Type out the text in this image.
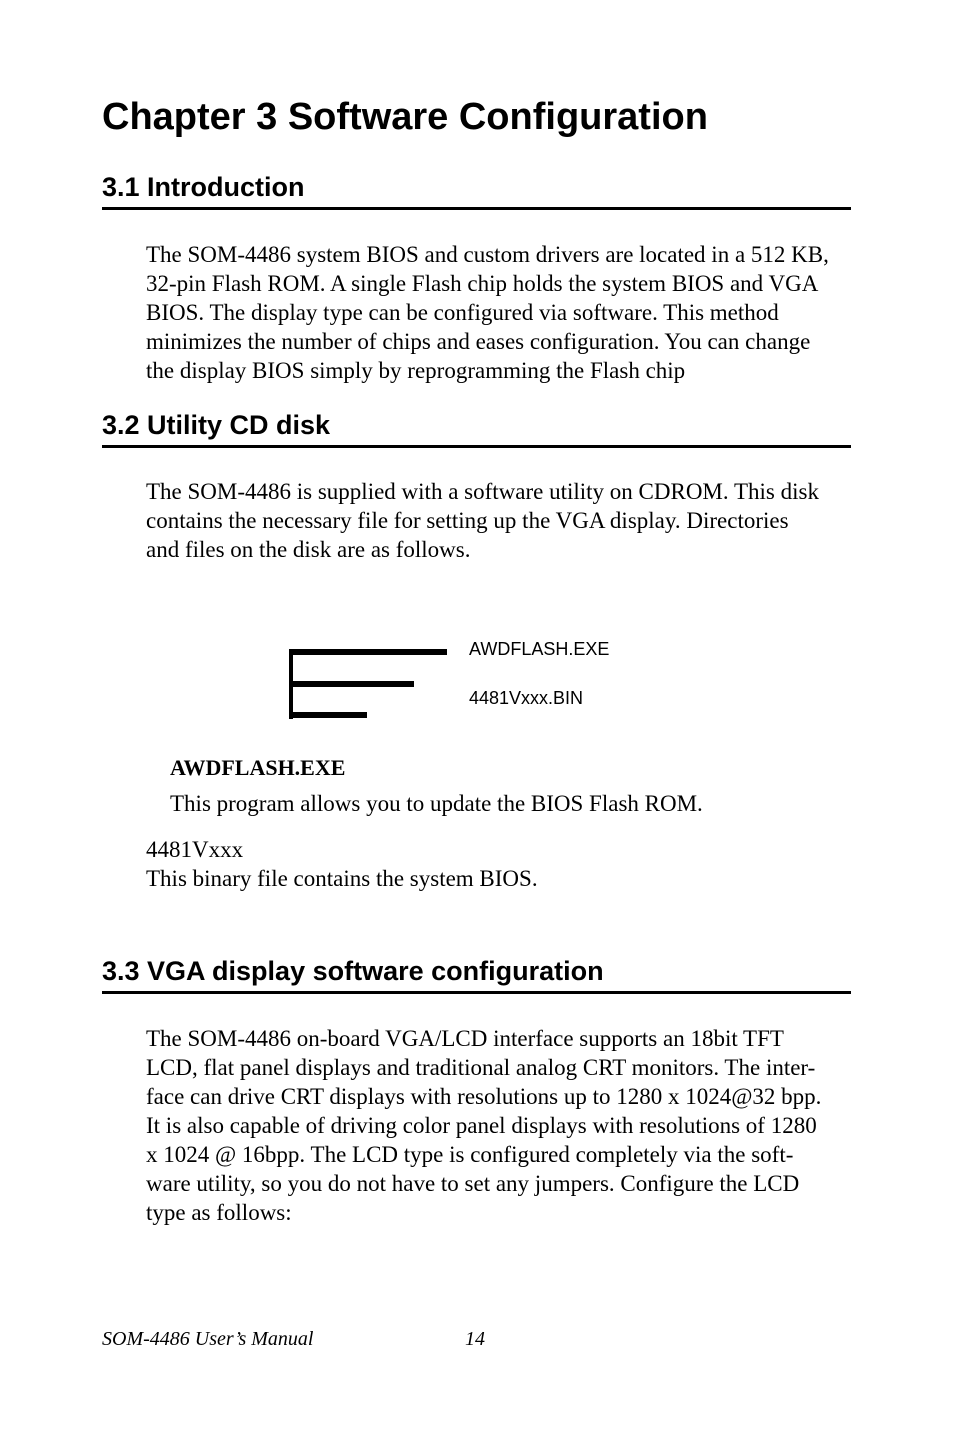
Chapter 3 Software Configuration
3.1 Introduction
The SOM-4486 system BIOS and custom drivers are located in a 512 KB,
32-pin Flash ROM. A single Flash chip holds the system BIOS and VGA
BIOS. The display type can be configured via software. This method
minimizes the number of chips and eases configuration. You can change
the display BIOS simply by reprogramming the Flash chip
3.2 Utility CD disk
The SOM-4486 is supplied with a software utility on CDROM. This disk
contains the necessary file for setting up the VGA display. Directories
and files on the disk are as follows.
AWDFLASH.EXE
4481Vxxx.BIN
AWDFLASH.EXE
This program allows you to update the BIOS Flash ROM.
4481Vxxx
This binary file contains the system BIOS.
3.3 VGA display software configuration
The SOM-4486 on-board VGA/LCD interface supports an 18bit TFT
LCD, flat panel displays and traditional analog CRT monitors. The inter-
face can drive CRT displays with resolutions up to 1280 x 1024@32 bpp.
It is also capable of driving color panel displays with resolutions of 1280
x 1024 @ 16bpp. The LCD type is configured completely via the soft-
ware utility, so you do not have to set any jumpers. Configure the LCD
type as follows:
SOM-4486 User’s Manual	14
